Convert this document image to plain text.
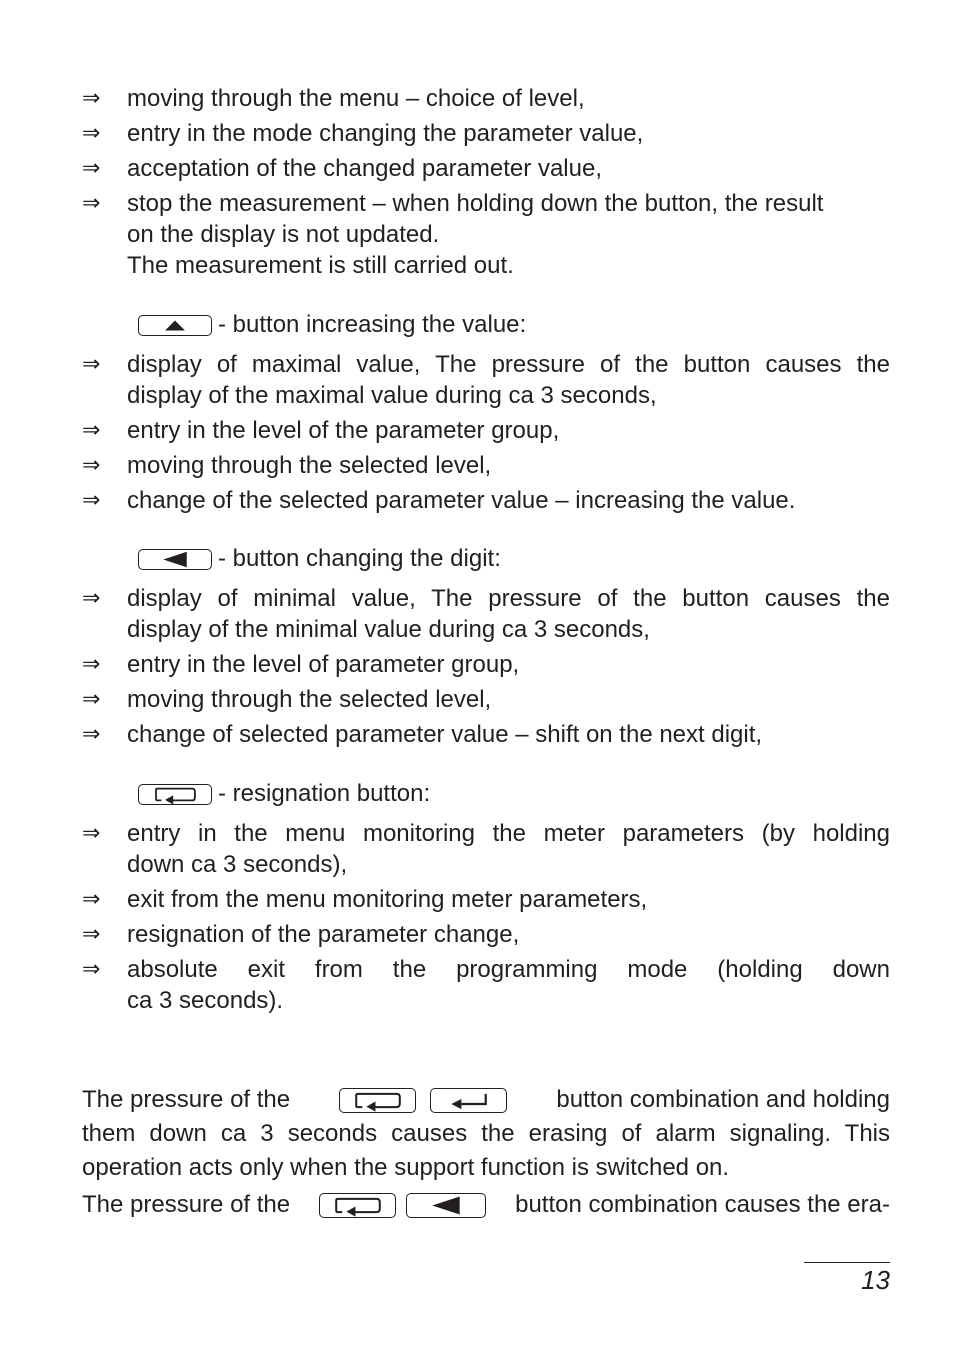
⇒ moving through the menu – choice of level,
⇒ entry in the mode changing the parameter value,
⇒ acceptation of the changed parameter value,
⇒ stop the measurement – when holding down the button, the result
on the display is not updated.
The measurement is still carried out.
- button increasing the value:
⇒ display of maximal value, The pressure of the button causes the
display of the maximal value during ca 3 seconds,
⇒ entry in the level of the parameter group,
⇒ moving through the selected level,
⇒ change of the selected parameter value – increasing the value.
- button changing the digit:
⇒ display of minimal value, The pressure of the button causes the
display of the minimal value during ca 3 seconds,
⇒ entry in the level of parameter group,
⇒ moving through the selected level,
⇒ change of selected parameter value – shift on the next digit,
- resignation button:
⇒ entry in the menu monitoring the meter parameters (by holding
down ca 3 seconds),
⇒ exit from the menu monitoring meter parameters,
⇒ resignation of the parameter change,
⇒ absolute exit from the programming mode (holding down
ca 3 seconds).
The pressure of the	button combination and holding
them down ca 3 seconds causes the erasing of alarm signaling. This
operation acts only when the support function is switched on.
The pressure of the	button combination causes the era-
13
